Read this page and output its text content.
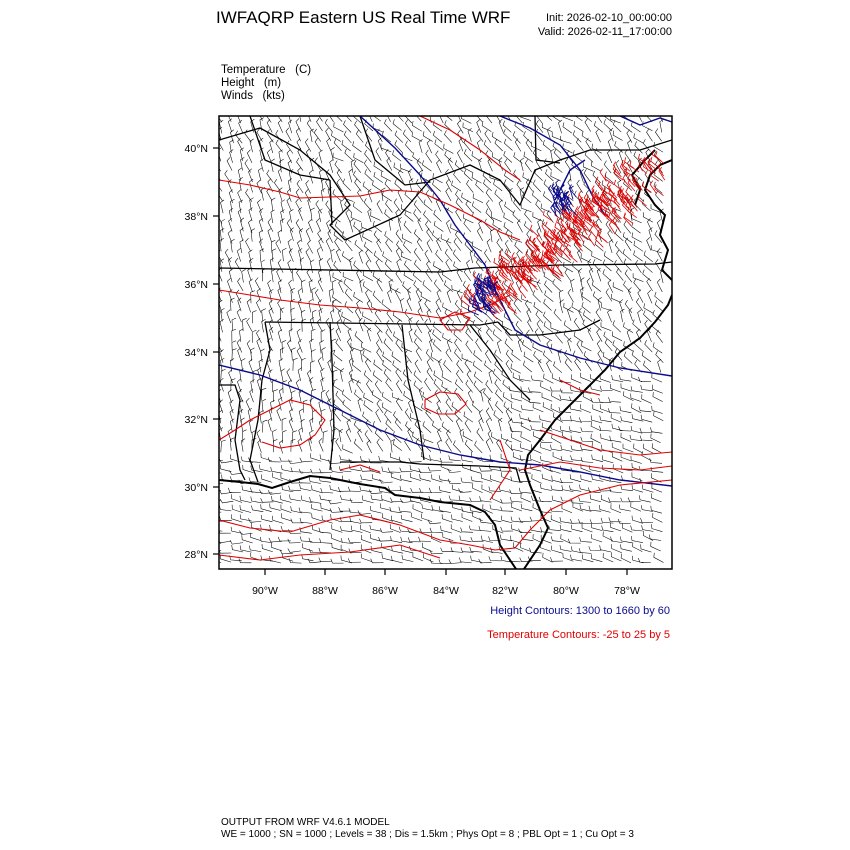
IWFAQRP Eastern US Real Time WRF	Init: 2026-02-10_00:00:00
Valid: 2026-02-11_17:00:00
Temperature   (C)
Height   (m)
Winds   (kts)
40°N
38°N
36°N
34°N
32°N
30°N
28°N
90°W	88°W	86°W	84°W	82°W	80°W	78°W
Height Contours: 1300 to 1660 by 60
Temperature Contours: -25 to 25 by 5
OUTPUT FROM WRF V4.6.1 MODEL
WE = 1000 ; SN = 1000 ; Levels = 38 ; Dis = 1.5km ; Phys Opt = 8 ; PBL Opt = 1 ; Cu Opt = 3
